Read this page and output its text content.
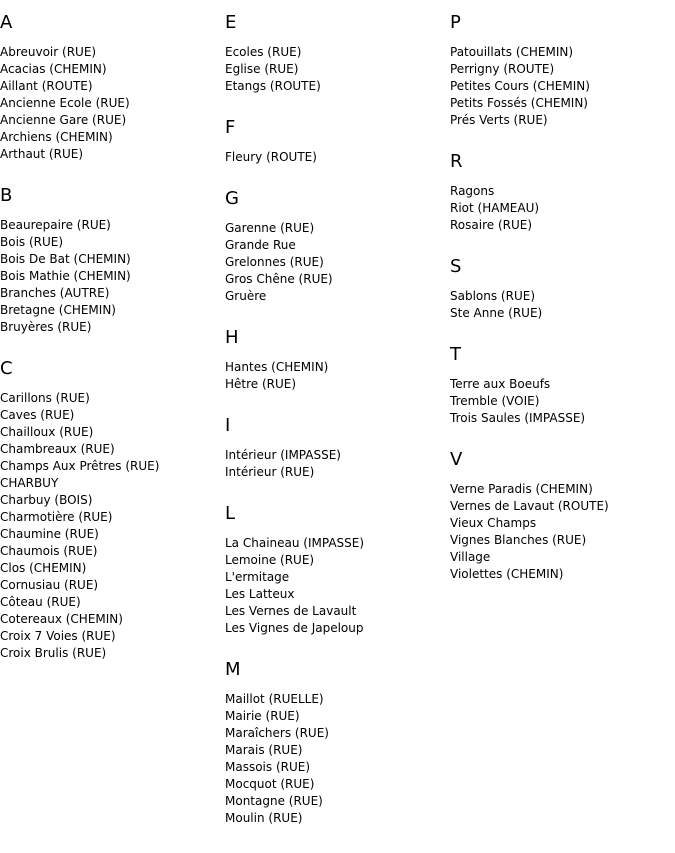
A
Abreuvoir (RUE)
Acacias (CHEMIN)
Aillant (ROUTE)
Ancienne Ecole (RUE)
Ancienne Gare (RUE)
Archiens (CHEMIN)
Arthaut (RUE)
B
Beaurepaire (RUE)
Bois (RUE)
Bois De Bat (CHEMIN)
Bois Mathie (CHEMIN)
Branches (AUTRE)
Bretagne (CHEMIN)
Bruyères (RUE)
C
Carillons (RUE)
Caves (RUE)
Chailloux (RUE)
Chambreaux (RUE)
Champs Aux Prêtres (RUE)
CHARBUY
Charbuy (BOIS)
Charmotière (RUE)
Chaumine (RUE)
Chaumois (RUE)
Clos (CHEMIN)
Cornusiau (RUE)
Côteau (RUE)
Cotereaux (CHEMIN)
Croix 7 Voies (RUE)
Croix Brulis (RUE)
E
Ecoles (RUE)
Eglise (RUE)
Etangs (ROUTE)
F
Fleury (ROUTE)
G
Garenne (RUE)
Grande Rue
Grelonnes (RUE)
Gros Chêne (RUE)
Gruère
H
Hantes (CHEMIN)
Hêtre (RUE)
I
Intérieur (IMPASSE)
Intérieur (RUE)
L
La Chaineau (IMPASSE)
Lemoine (RUE)
L'ermitage
Les Latteux
Les Vernes de Lavault
Les Vignes de Japeloup
M
Maillot (RUELLE)
Mairie (RUE)
Maraîchers (RUE)
Marais (RUE)
Massois (RUE)
Mocquot (RUE)
Montagne (RUE)
Moulin (RUE)
P
Patouillats (CHEMIN)
Perrigny (ROUTE)
Petites Cours (CHEMIN)
Petits Fossés (CHEMIN)
Prés Verts (RUE)
R
Ragons
Riot (HAMEAU)
Rosaire (RUE)
S
Sablons (RUE)
Ste Anne (RUE)
T
Terre aux Boeufs
Tremble (VOIE)
Trois Saules (IMPASSE)
V
Verne Paradis (CHEMIN)
Vernes de Lavaut (ROUTE)
Vieux Champs
Vignes Blanches (RUE)
Village
Violettes (CHEMIN)
